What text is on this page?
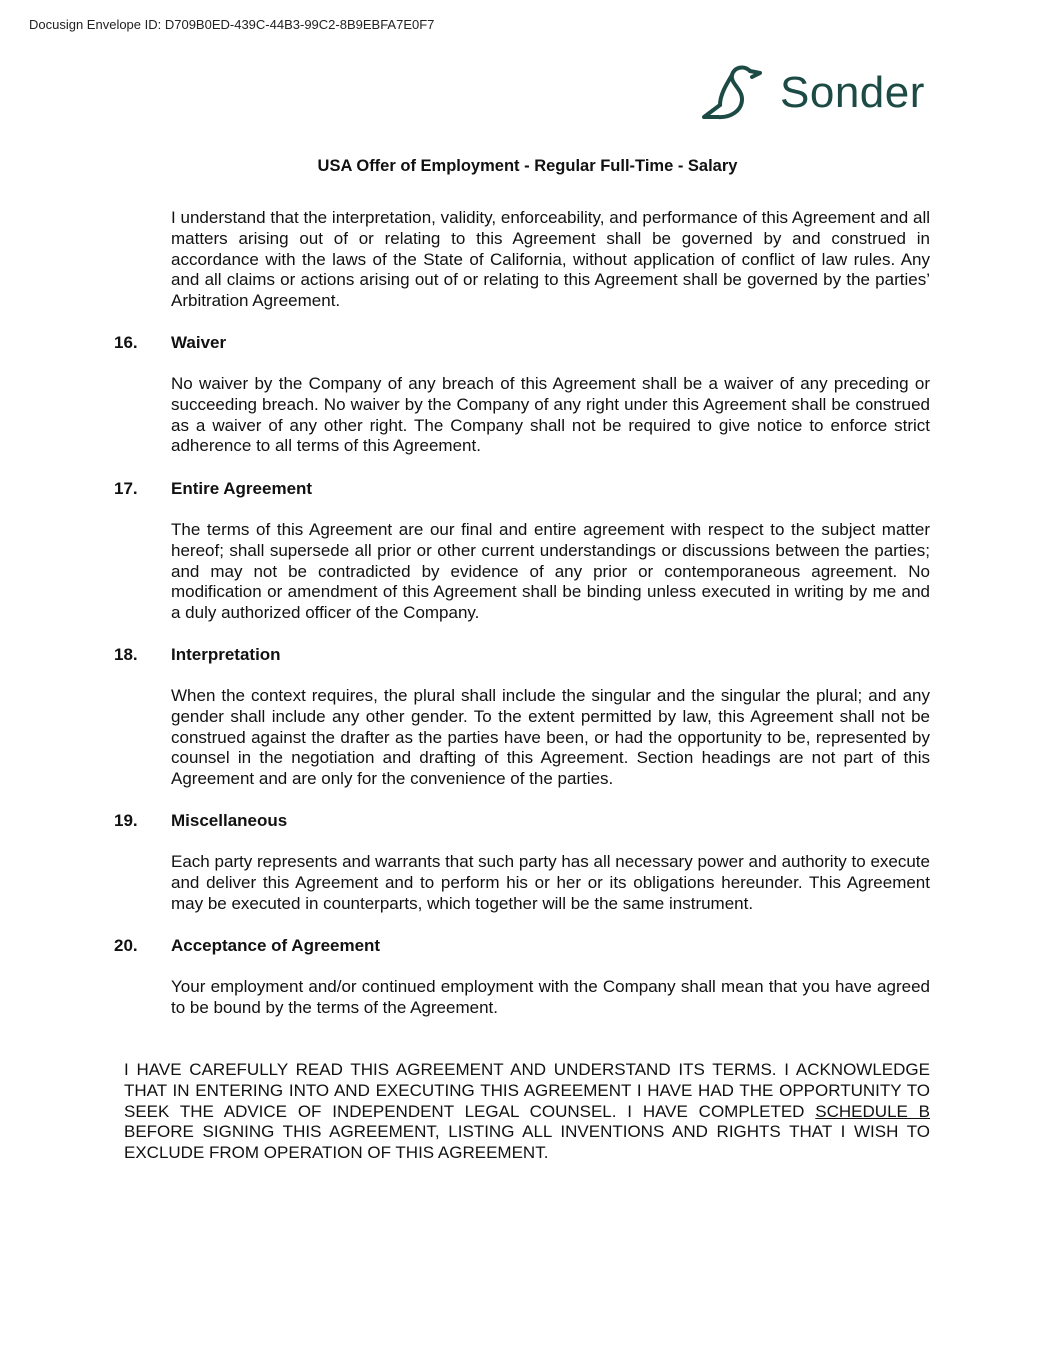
Docusign Envelope ID: D709B0ED-439C-44B3-99C2-8B9EBFA7E0F7
Sonder
USA Offer of Employment - Regular Full-Time - Salary

I understand that the interpretation, validity, enforceability, and performance of this Agreement and all matters arising out of or relating to this Agreement shall be governed by and construed in accordance with the laws of the State of California, without application of conflict of law rules. Any and all claims or actions arising out of or relating to this Agreement shall be governed by the parties’ Arbitration Agreement.

16. Waiver

No waiver by the Company of any breach of this Agreement shall be a waiver of any preceding or succeeding breach. No waiver by the Company of any right under this Agreement shall be construed as a waiver of any other right. The Company shall not be required to give notice to enforce strict adherence to all terms of this Agreement.

17. Entire Agreement

The terms of this Agreement are our final and entire agreement with respect to the subject matter hereof; shall supersede all prior or other current understandings or discussions between the parties; and may not be contradicted by evidence of any prior or contemporaneous agreement. No modification or amendment of this Agreement shall be binding unless executed in writing by me and a duly authorized officer of the Company.

18. Interpretation

When the context requires, the plural shall include the singular and the singular the plural; and any gender shall include any other gender. To the extent permitted by law, this Agreement shall not be construed against the drafter as the parties have been, or had the opportunity to be, represented by counsel in the negotiation and drafting of this Agreement. Section headings are not part of this Agreement and are only for the convenience of the parties.

19. Miscellaneous

Each party represents and warrants that such party has all necessary power and authority to execute and deliver this Agreement and to perform his or her or its obligations hereunder. This Agreement may be executed in counterparts, which together will be the same instrument.

20. Acceptance of Agreement

Your employment and/or continued employment with the Company shall mean that you have agreed to be bound by the terms of the Agreement.

I HAVE CAREFULLY READ THIS AGREEMENT AND UNDERSTAND ITS TERMS. I ACKNOWLEDGE THAT IN ENTERING INTO AND EXECUTING THIS AGREEMENT I HAVE HAD THE OPPORTUNITY TO SEEK THE ADVICE OF INDEPENDENT LEGAL COUNSEL. I HAVE COMPLETED SCHEDULE B BEFORE SIGNING THIS AGREEMENT, LISTING ALL INVENTIONS AND RIGHTS THAT I WISH TO EXCLUDE FROM OPERATION OF THIS AGREEMENT.
